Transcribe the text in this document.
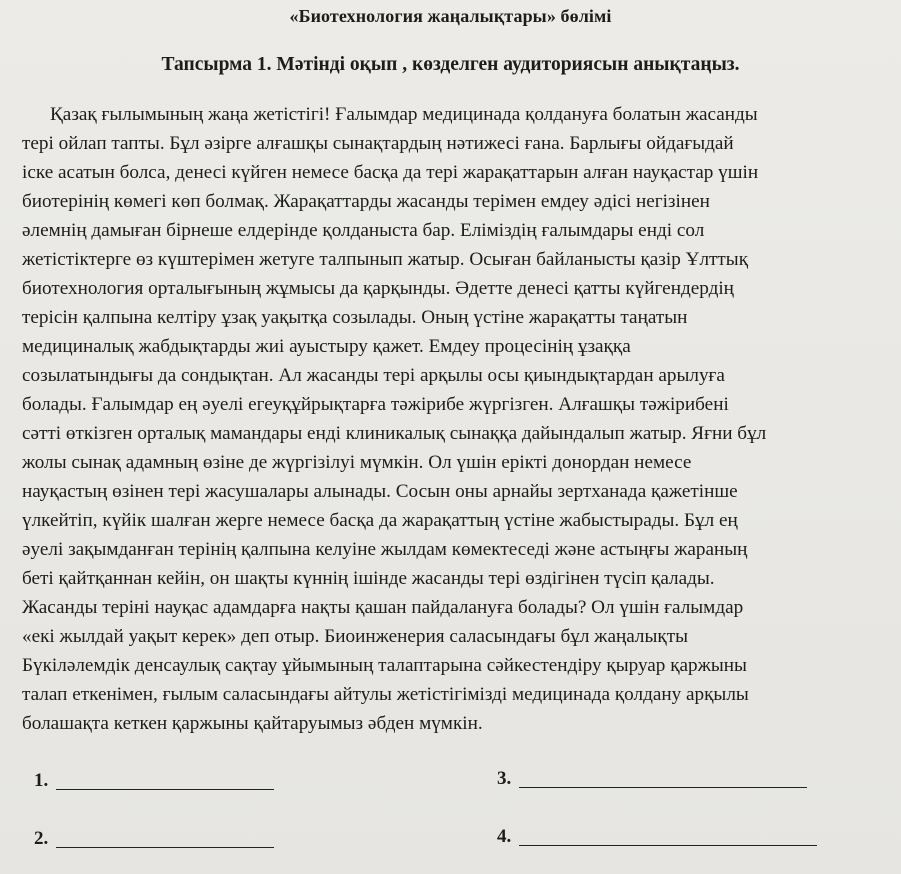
«Биотехнология жаңалықтары» бөлімі
Тапсырма 1. Мәтінді оқып , көзделген аудиториясын анықтаңыз.
Қазақ ғылымының жаңа жетістігі! Ғалымдар медицинада қолдануға болатын жасанды
тері ойлап тапты. Бұл әзірге алғашқы сынақтардың нәтижесі ғана. Барлығы ойдағыдай
іске асатын болса, денесі күйген немесе басқа да тері жарақаттарын алған науқастар үшін
биотерінің көмегі көп болмақ. Жарақаттарды жасанды терімен емдеу әдісі негізінен
әлемнің дамыған бірнеше елдерінде қолданыста бар. Еліміздің ғалымдары енді сол
жетістіктерге өз күштерімен жетуге талпынып жатыр. Осыған байланысты қазір Ұлттық
биотехнология орталығының жұмысы да қарқынды. Әдетте денесі қатты күйгендердің
терісін қалпына келтіру ұзақ уақытқа созылады. Оның үстіне жарақатты таңатын
медициналық жабдықтарды жиі ауыстыру қажет. Емдеу процесінің ұзаққа
созылатындығы да сондықтан. Ал жасанды тері арқылы осы қиындықтардан арылуға
болады. Ғалымдар ең әуелі егеуқұйрықтарға тәжірибе жүргізген. Алғашқы тәжірибені
сәтті өткізген орталық мамандары енді клиникалық сынаққа дайындалып жатыр. Яғни бұл
жолы сынақ адамның өзіне де жүргізілуі мүмкін. Ол үшін ерікті донордан немесе
науқастың өзінен тері жасушалары алынады. Сосын оны арнайы зертханада қажетінше
үлкейтіп, күйік шалған жерге немесе басқа да жарақаттың үстіне жабыстырады. Бұл ең
әуелі зақымданған терінің қалпына келуіне жылдам көмектеседі және астыңғы жараның
беті қайтқаннан кейін, он шақты күннің ішінде жасанды тері өздігінен түсіп қалады.
Жасанды теріні науқас адамдарға нақты қашан пайдалануға болады? Ол үшін ғалымдар
«екі жылдай уақыт керек» деп отыр. Биоинженерия саласындағы бұл жаңалықты
Бүкіләлемдік денсаулық сақтау ұйымының талаптарына сәйкестендіру қыруар қаржыны
талап еткенімен, ғылым саласындағы айтулы жетістігімізді медицинада қолдану арқылы
болашақта кеткен қаржыны қайтаруымыз әбден мүмкін.
1.
2.
3.
4.
